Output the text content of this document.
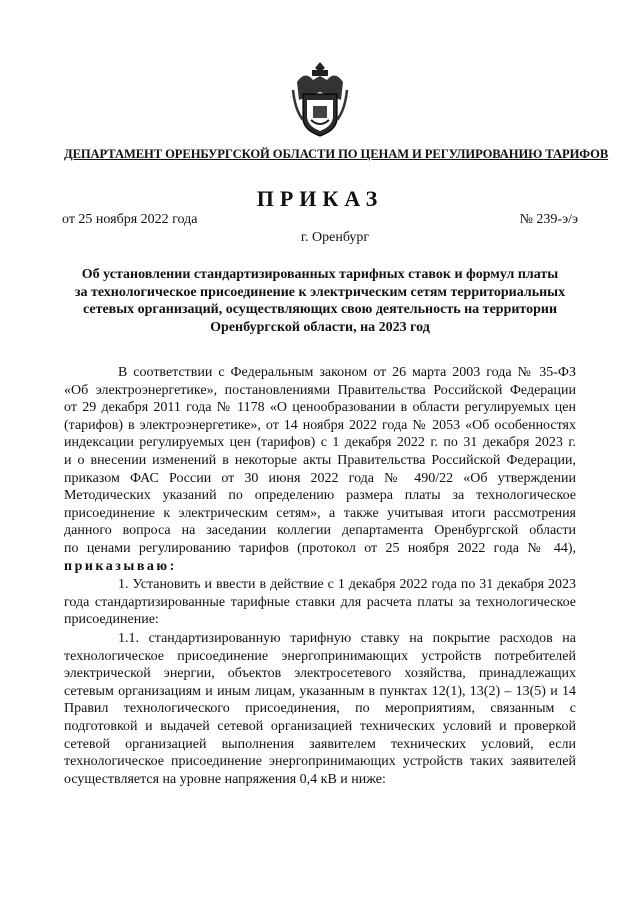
ДЕПАРТАМЕНТ ОРЕНБУРГСКОЙ ОБЛАСТИ ПО ЦЕНАМ И РЕГУЛИРОВАНИЮ ТАРИФОВ
ПРИКАЗ
от 25 ноября 2022 года	№ 239-э/э
г. Оренбург
Об установлении стандартизированных тарифных ставок и формул платы
за технологическое присоединение к электрическим сетям территориальных
сетевых организаций, осуществляющих свою деятельность на территории
Оренбургской области, на 2023 год
В соответствии с Федеральным законом от 26 марта 2003 года № 35-ФЗ
«Об электроэнергетике», постановлениями Правительства Российской Федерации
от 29 декабря 2011 года № 1178 «О ценообразовании в области регулируемых цен
(тарифов) в электроэнергетике», от 14 ноября 2022 года № 2053 «Об особенностях
индексации регулируемых цен (тарифов) с 1 декабря 2022 г. по 31 декабря 2023 г.
и о внесении изменений в некоторые акты Правительства Российской Федерации,
приказом ФАС России от 30 июня 2022 года № 490/22 «Об утверждении
Методических указаний по определению размера платы за технологическое
присоединение к электрическим сетям», а также учитывая итоги рассмотрения
данного вопроса на заседании коллегии департамента Оренбургской области
по ценами регулированию тарифов (протокол от 25 ноября 2022 года № 44),
приказываю:
1. Установить и ввести в действие с 1 декабря 2022 года по 31 декабря 2023
года стандартизированные тарифные ставки для расчета платы за технологическое
присоединение:
1.1. стандартизированную тарифную ставку на покрытие расходов на
технологическое присоединение энергопринимающих устройств потребителей
электрической энергии, объектов электросетевого хозяйства, принадлежащих
сетевым организациям и иным лицам, указанным в пунктах 12(1), 13(2) – 13(5) и 14
Правил технологического присоединения, по мероприятиям, связанным с
подготовкой и выдачей сетевой организацией технических условий и проверкой
сетевой организацией выполнения заявителем технических условий, если
технологическое присоединение энергопринимающих устройств таких заявителей
осуществляется на уровне напряжения 0,4 кВ и ниже:
